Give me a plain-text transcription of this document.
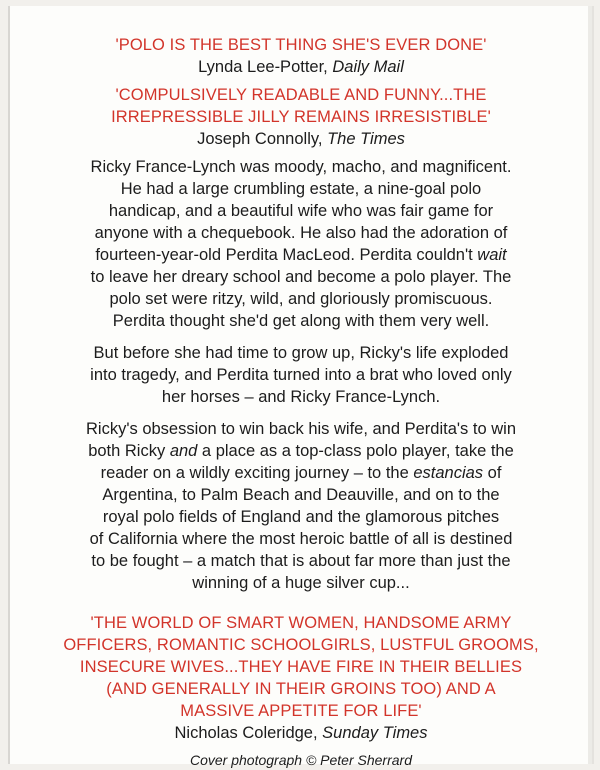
'POLO IS THE BEST THING SHE'S EVER DONE'

Lynda Lee-Potter, Daily Mail

'COMPULSIVELY READABLE AND FUNNY...THE
IRREPRESSIBLE JILLY REMAINS IRRESISTIBLE'

Joseph Connolly, The Times

Ricky France-Lynch was moody, macho, and magnificent.
He had a large crumbling estate, a nine-goal polo
handicap, and a beautiful wife who was fair game for
anyone with a chequebook. He also had the adoration of
fourteen-year-old Perdita MacLeod. Perdita couldn't wait
to leave her dreary school and become a polo player. The
polo set were ritzy, wild, and gloriously promiscuous.
Perdita thought she'd get along with them very well.

But before she had time to grow up, Ricky's life exploded
into tragedy, and Perdita turned into a brat who loved only
her horses – and Ricky France-Lynch.

Ricky's obsession to win back his wife, and Perdita's to win
both Ricky and a place as a top-class polo player, take the
reader on a wildly exciting journey – to the estancias of
Argentina, to Palm Beach and Deauville, and on to the
royal polo fields of England and the glamorous pitches
of California where the most heroic battle of all is destined
to be fought – a match that is about far more than just the
winning of a huge silver cup...

'THE WORLD OF SMART WOMEN, HANDSOME ARMY
OFFICERS, ROMANTIC SCHOOLGIRLS, LUSTFUL GROOMS,
INSECURE WIVES...THEY HAVE FIRE IN THEIR BELLIES
(AND GENERALLY IN THEIR GROINS TOO) AND A
MASSIVE APPETITE FOR LIFE'

Nicholas Coleridge, Sunday Times

Cover photograph © Peter Sherrard
